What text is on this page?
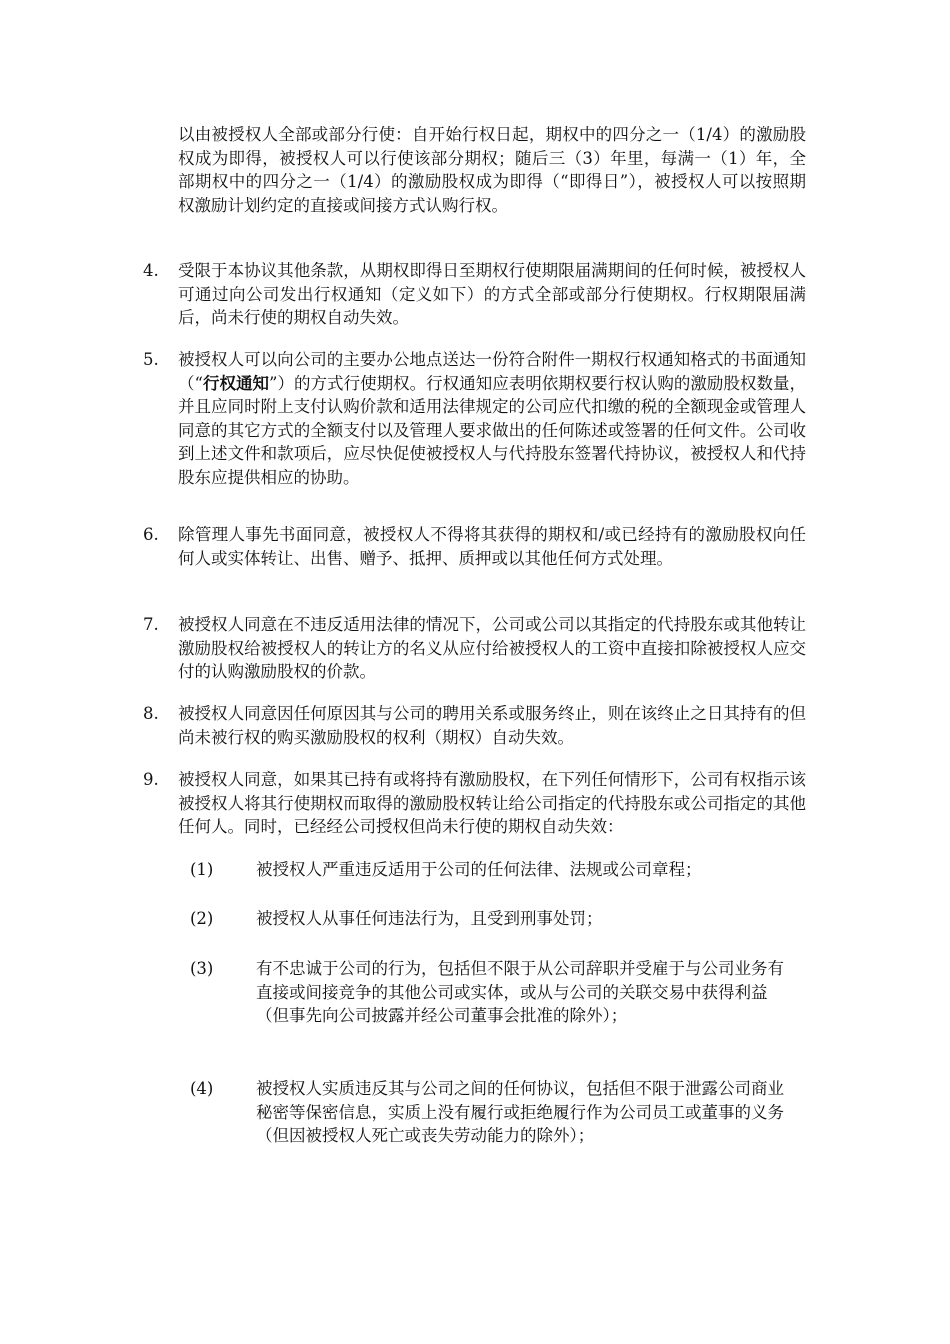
以由被授权人全部或部分行使：自开始行权日起，期权中的四分之一（1/4）的激励股权成为即得，被授权人可以行使该部分期权；随后三（3）年里，每满一（1）年，全部期权中的四分之一（1/4）的激励股权成为即得（“即得日”），被授权人可以按照期权激励计划约定的直接或间接方式认购行权。
4. 受限于本协议其他条款，从期权即得日至期权行使期限届满期间的任何时候，被授权人可通过向公司发出行权通知（定义如下）的方式全部或部分行使期权。行权期限届满后，尚未行使的期权自动失效。
5. 被授权人可以向公司的主要办公地点送达一份符合附件一期权行权通知格式的书面通知（“行权通知”）的方式行使期权。行权通知应表明依期权要行权认购的激励股权数量，并且应同时附上支付认购价款和适用法律规定的公司应代扣缴的税的全额现金或管理人同意的其它方式的全额支付以及管理人要求做出的任何陈述或签署的任何文件。公司收到上述文件和款项后，应尽快促使被授权人与代持股东签署代持协议，被授权人和代持股东应提供相应的协助。
6. 除管理人事先书面同意，被授权人不得将其获得的期权和/或已经持有的激励股权向任何人或实体转让、出售、赠予、抵押、质押或以其他任何方式处理。
7. 被授权人同意在不违反适用法律的情况下，公司或公司以其指定的代持股东或其他转让激励股权给被授权人的转让方的名义从应付给被授权人的工资中直接扣除被授权人应交付的认购激励股权的价款。
8. 被授权人同意因任何原因其与公司的聘用关系或服务终止，则在该终止之日其持有的但尚未被行权的购买激励股权的权利（期权）自动失效。
9. 被授权人同意，如果其已持有或将持有激励股权，在下列任何情形下，公司有权指示该被授权人将其行使期权而取得的激励股权转让给公司指定的代持股东或公司指定的其他任何人。同时，已经经公司授权但尚未行使的期权自动失效：
(1)	被授权人严重违反适用于公司的任何法律、法规或公司章程；
(2)	被授权人从事任何违法行为，且受到刑事处罚；
(3)	有不忠诚于公司的行为，包括但不限于从公司辞职并受雇于与公司业务有直接或间接竞争的其他公司或实体，或从与公司的关联交易中获得利益（但事先向公司披露并经公司董事会批准的除外）；
(4)	被授权人实质违反其与公司之间的任何协议，包括但不限于泄露公司商业秘密等保密信息，实质上没有履行或拒绝履行作为公司员工或董事的义务（但因被授权人死亡或丧失劳动能力的除外）；
